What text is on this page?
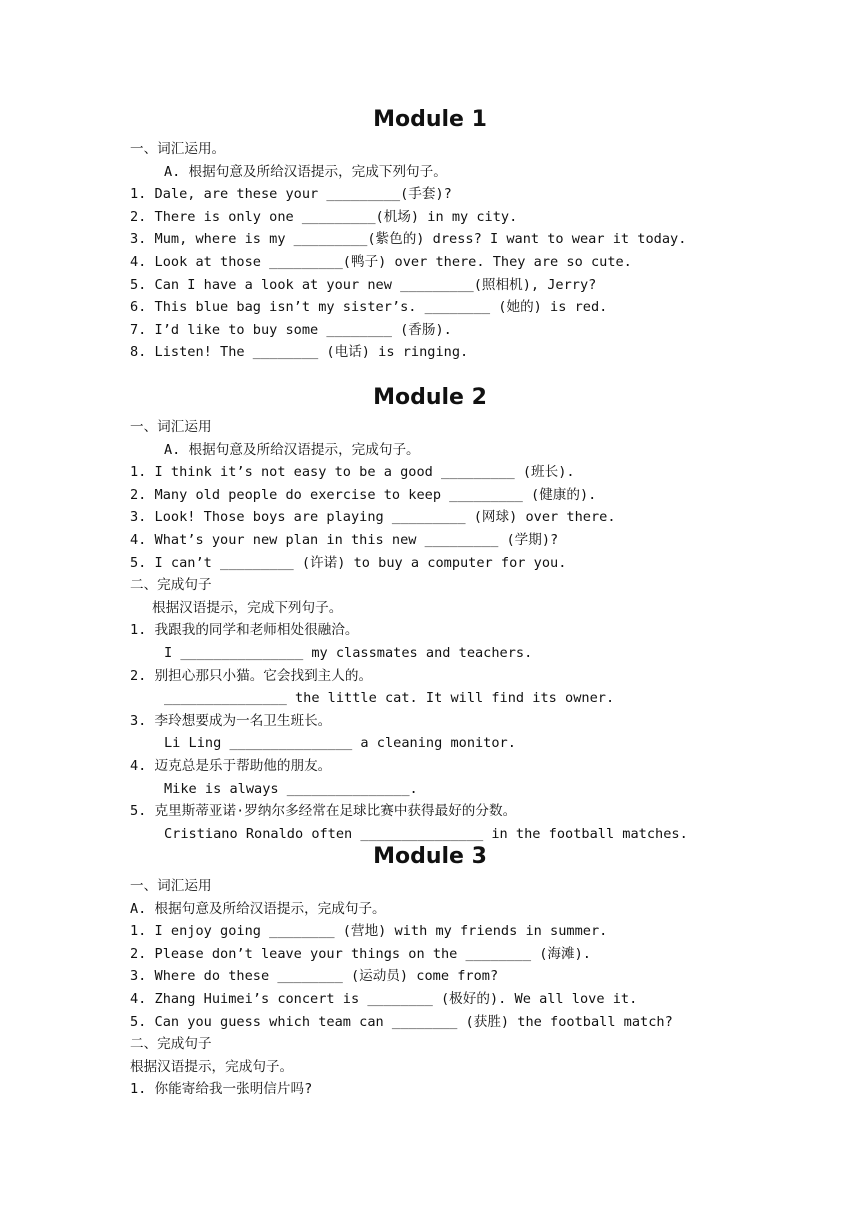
Module 1

一、词汇运用。

A. 根据句意及所给汉语提示，完成下列句子。

1. Dale, are these your _________(手套)?

2. There is only one _________(机场) in my city.

3. Mum, where is my _________(紫色的) dress? I want to wear it today.

4. Look at those _________(鸭子) over there. They are so cute.

5. Can I have a look at your new _________(照相机), Jerry?

6. This blue bag isn’t my sister’s. ________ (她的) is red.

7. I’d like to buy some ________ (香肠).

8. Listen! The ________ (电话) is ringing.

Module 2

一、词汇运用

A. 根据句意及所给汉语提示，完成句子。

1. I think it’s not easy to be a good _________ (班长).

2. Many old people do exercise to keep _________ (健康的).

3. Look! Those boys are playing _________ (网球) over there.

4. What’s your new plan in this new _________ (学期)?

5. I can’t _________ (许诺) to buy a computer for you.

二、完成句子

根据汉语提示，完成下列句子。

1. 我跟我的同学和老师相处很融洽。

I _______________ my classmates and teachers.

2. 别担心那只小猫。它会找到主人的。

_______________ the little cat. It will find its owner.

3. 李玲想要成为一名卫生班长。

Li Ling _______________ a cleaning monitor.

4. 迈克总是乐于帮助他的朋友。

Mike is always _______________.

5. 克里斯蒂亚诺·罗纳尔多经常在足球比赛中获得最好的分数。

Cristiano Ronaldo often _______________ in the football matches.

Module 3

一、词汇运用

A. 根据句意及所给汉语提示，完成句子。

1. I enjoy going ________ (营地) with my friends in summer.

2. Please don’t leave your things on the ________ (海滩).

3. Where do these ________ (运动员) come from?

4. Zhang Huimei’s concert is ________ (极好的). We all love it.

5. Can you guess which team can ________ (获胜) the football match?

二、完成句子

根据汉语提示，完成句子。

1. 你能寄给我一张明信片吗?
